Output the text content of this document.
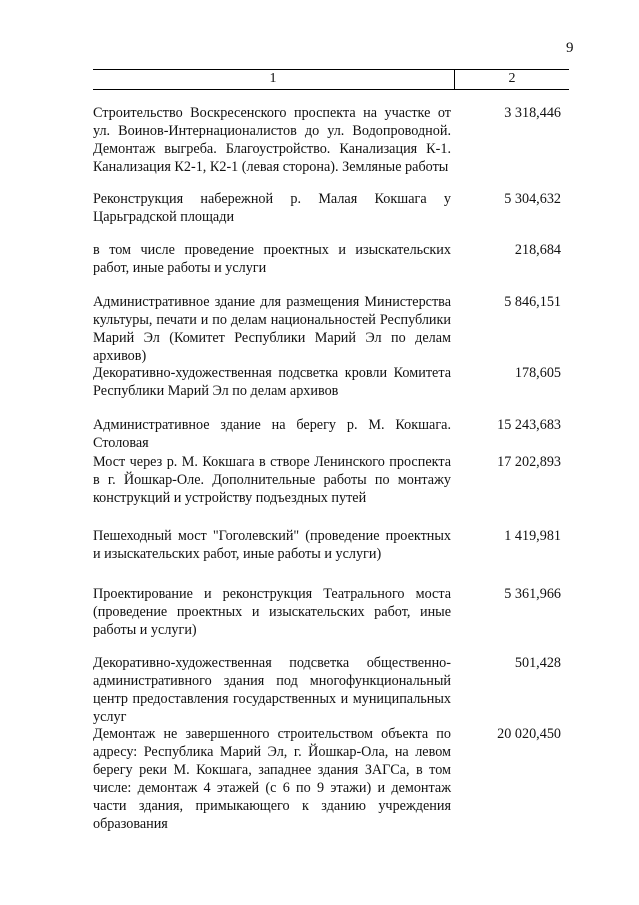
9
1	2
Строительство Воскресенского проспекта на участке от ул. Воинов-Интернационалистов до ул. Водопроводной. Демонтаж выгреба. Благоустройство. Канализация К-1. Канализация К2-1, К2-1 (левая сторона). Земляные работы
3 318,446
Реконструкция набережной р. Малая Кокшага у Царьградской площади
5 304,632
в том числе проведение проектных и изыскательских работ, иные работы и услуги
218,684
Административное здание для размещения Министерства культуры, печати и по делам национальностей Республики Марий Эл (Комитет Республики Марий Эл по делам архивов)
5 846,151
Декоративно-художественная подсветка кровли Комитета Республики Марий Эл по делам архивов
178,605
Административное здание на берегу р. М. Кокшага. Столовая
15 243,683
Мост через р. М. Кокшага в створе Ленинского проспекта в г. Йошкар-Оле. Дополнительные работы по монтажу конструкций и устройству подъездных путей
17 202,893
Пешеходный мост "Гоголевский" (проведение проектных и изыскательских работ, иные работы и услуги)
1 419,981
Проектирование и реконструкция Театрального моста (проведение проектных и изыскательских работ, иные работы и услуги)
5 361,966
Декоративно-художественная подсветка общественно-административного здания под многофункциональный центр предоставления государственных и муниципальных услуг
501,428
Демонтаж не завершенного строительством объекта по адресу: Республика Марий Эл, г. Йошкар-Ола, на левом берегу реки М. Кокшага, западнее здания ЗАГСа, в том числе: демонтаж 4 этажей (с 6 по 9 этажи) и демонтаж части здания, примыкающего к зданию учреждения образования
20 020,450
